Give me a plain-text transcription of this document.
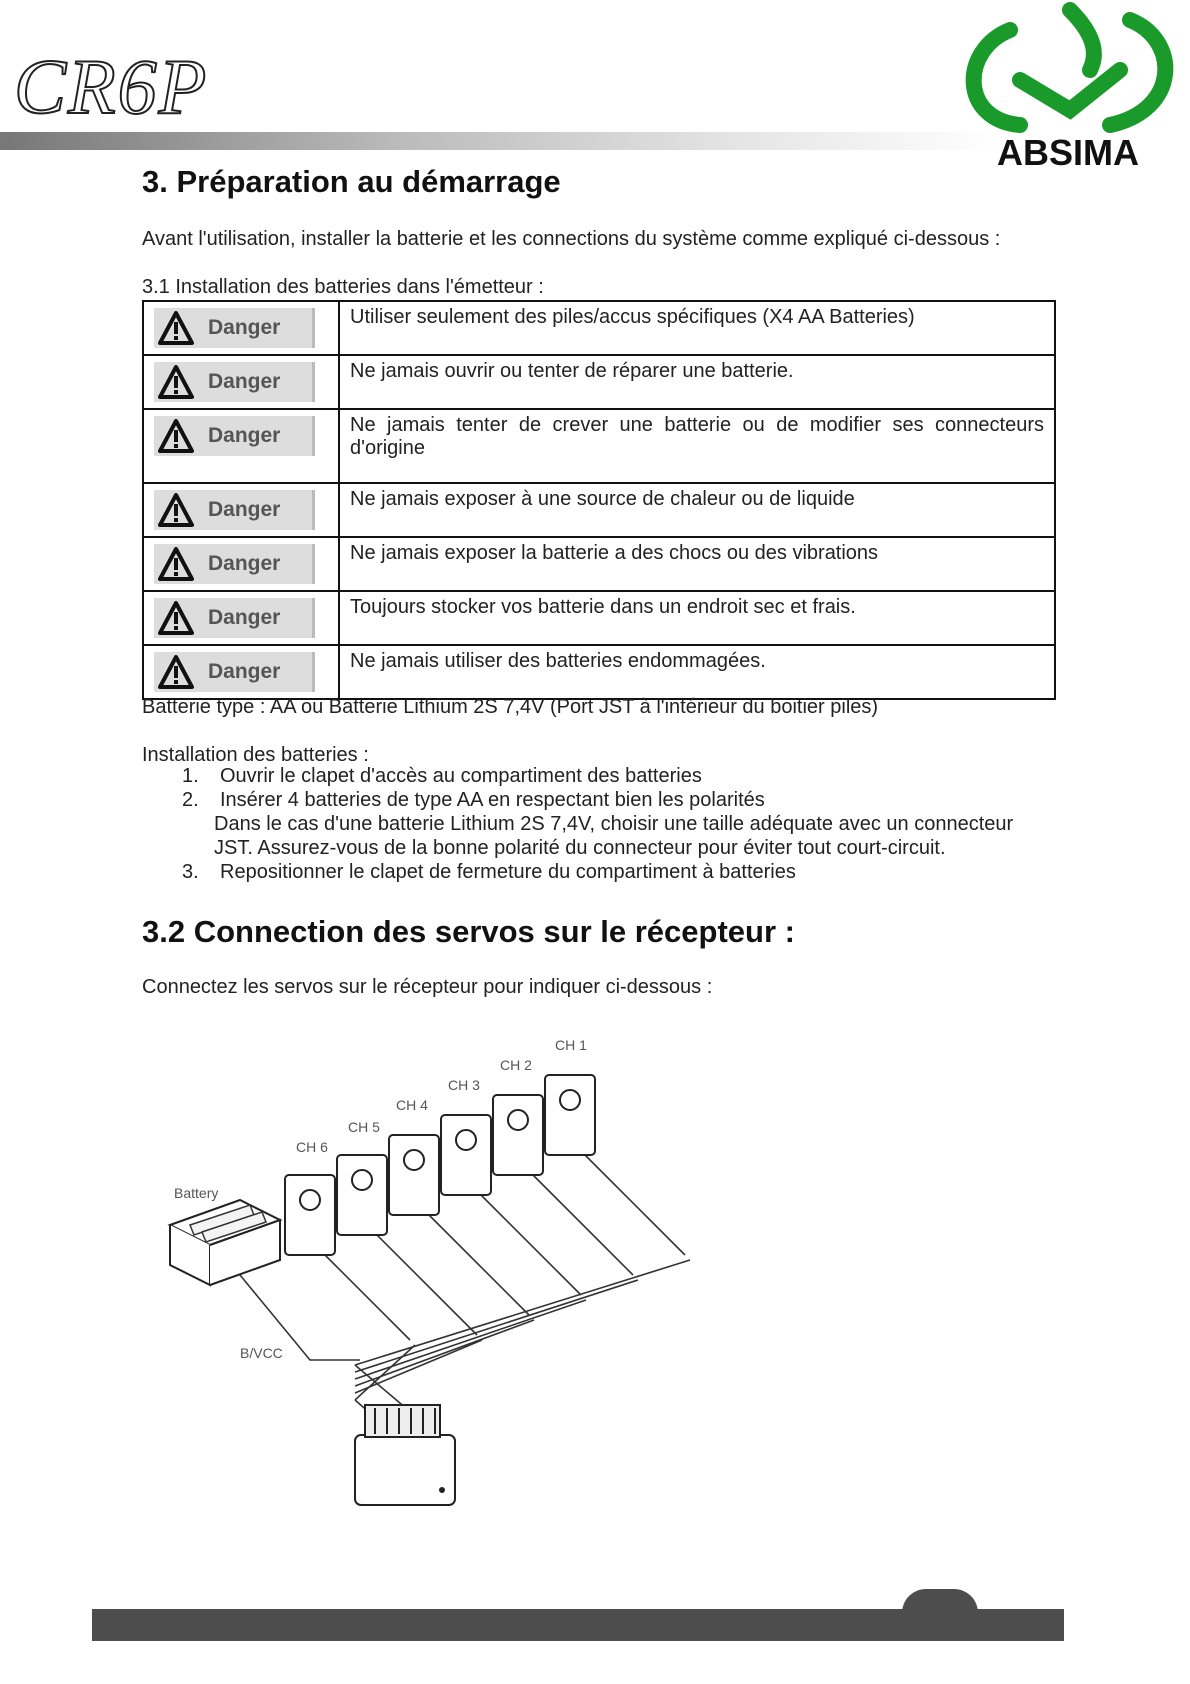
CR6P
ABSIMA
3. Préparation au démarrage
Avant l'utilisation, installer la batterie et les connections du système comme expliqué ci-dessous :
3.1 Installation des batteries dans l'émetteur :
Danger	Utiliser seulement des piles/accus spécifiques (X4 AA Batteries)

Danger	Ne jamais ouvrir ou tenter de réparer une batterie.

Danger	Ne jamais tenter de crever une batterie ou de modifier ses connecteurs d'origine

Danger	Ne jamais exposer à une source de chaleur ou de liquide

Danger	Ne jamais exposer la batterie a des chocs ou des vibrations

Danger	Toujours stocker vos batterie dans un endroit sec et frais.

Danger	Ne jamais utiliser des batteries endommagées.
Batterie type : AA ou Batterie Lithium 2S 7,4V (Port JST à l'intérieur du boitier piles)
Installation des batteries :
1. Ouvrir le clapet d'accès au compartiment des batteries
2. Insérer 4 batteries de type AA en respectant bien les polarités
Dans le cas d'une batterie Lithium 2S 7,4V, choisir une taille adéquate avec un connecteur
JST. Assurez-vous de la bonne polarité du connecteur pour éviter tout court-circuit.
3. Repositionner le clapet de fermeture du compartiment à batteries
3.2 Connection des servos sur le récepteur :
Connectez les servos sur le récepteur pour indiquer ci-dessous :
Battery
B/VCC
CH 1
CH 2
CH 3
CH 4
CH 5
CH 6
